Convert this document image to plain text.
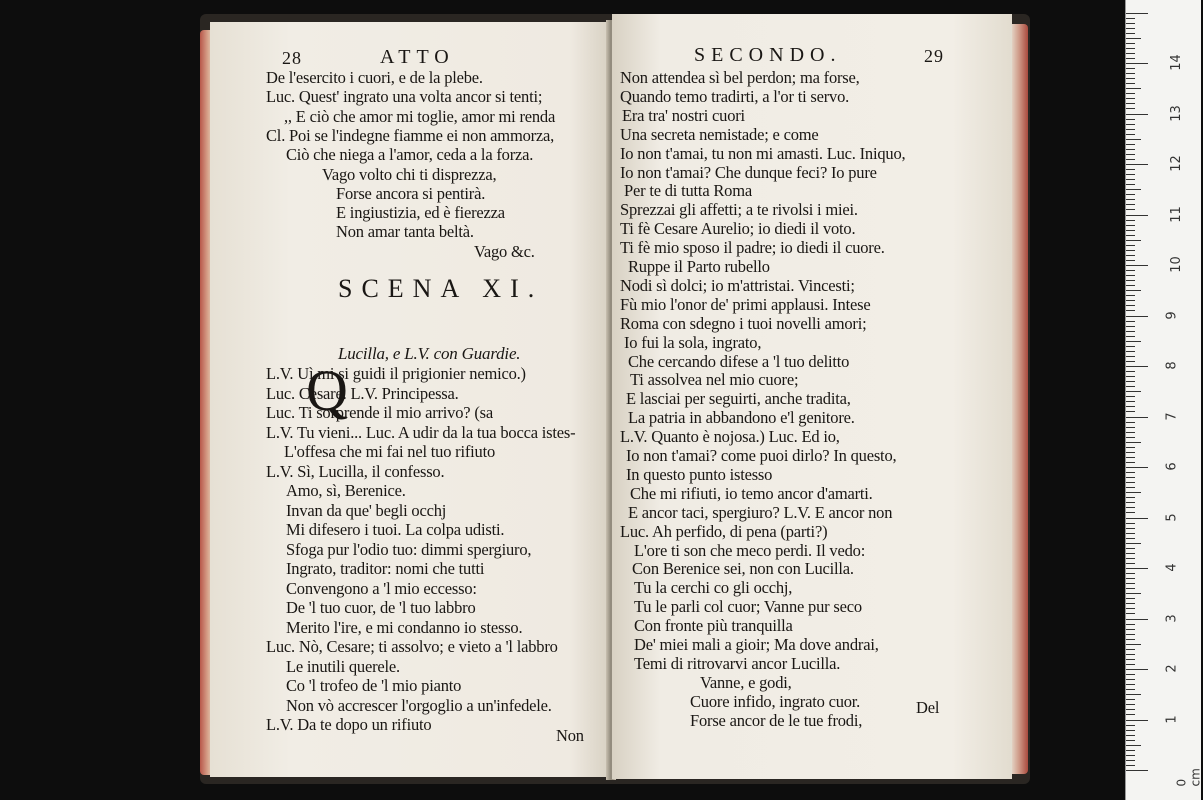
28	ATTO
De l'esercito i cuori, e de la plebe.
Luc. Quest' ingrato una volta ancor si tenti;
,, E ciò che amor mi toglie, amor mi renda
Cl. Poi se l'indegne fiamme ei non ammorza,
Ciò che niega a l'amor, ceda a la forza.
Vago volto chi ti disprezza,
Forse ancora si pentirà.
E ingiustizia, ed è fierezza
Non amar tanta beltà.
Vago &c.
SCENA XI.
Lucilla, e L.V. con Guardie.
Q
L.V. Uì mi si guidi il prigionier nemico.)
Luc. Cesare. L.V. Principessa.
Luc. Ti sorprende il mio arrivo? (sa
L.V. Tu vieni... Luc. A udir da la tua bocca istes-
L'offesa che mi fai nel tuo rifiuto
L.V. Sì, Lucilla, il confesso.
Amo, sì, Berenice.
Invan da que' begli occhj
Mi difesero i tuoi. La colpa udisti.
Sfoga pur l'odio tuo: dimmi spergiuro,
Ingrato, traditor: nomi che tutti
Convengono a 'l mio eccesso:
De 'l tuo cuor, de 'l tuo labbro
Merito l'ire, e mi condanno io stesso.
Luc. Nò, Cesare; ti assolvo; e vieto a 'l labbro
Le inutili querele.
Co 'l trofeo de 'l mio pianto
Non vò accrescer l'orgoglio a un'infedele.
L.V. Da te dopo un rifiuto
Non
SECONDO.	29
Non attendea sì bel perdon; ma forse,
Quando temo tradirti, a l'or ti servo.
Era tra' nostri cuori
Una secreta nemistade; e come
Io non t'amai, tu non mi amasti. Luc. Iniquo,
Io non t'amai? Che dunque feci? Io pure
Per te di tutta Roma
Sprezzai gli affetti; a te rivolsi i miei.
Ti fè Cesare Aurelio; io diedi il voto.
Ti fè mio sposo il padre; io diedi il cuore.
Ruppe il Parto rubello
Nodi sì dolci; io m'attristai. Vincesti;
Fù mio l'onor de' primi applausi. Intese
Roma con sdegno i tuoi novelli amori;
Io fui la sola, ingrato,
Che cercando difese a 'l tuo delitto
Ti assolvea nel mio cuore;
E lasciai per seguirti, anche tradita,
La patria in abbandono e'l genitore.
L.V. Quanto è nojosa.) Luc. Ed io,
Io non t'amai? come puoi dirlo? In questo,
In questo punto istesso
Che mi rifiuti, io temo ancor d'amarti.
E ancor taci, spergiuro? L.V. E ancor non
Luc. Ah perfido, di pena (parti?)
L'ore ti son che meco perdi. Il vedo:
Con Berenice sei, non con Lucilla.
Tu la cerchi co gli occhj,
Tu le parli col cuor; Vanne pur seco
Con fronte più tranquilla
De' miei mali a gioir; Ma dove andrai,
Temi di ritrovarvi ancor Lucilla.
Vanne, e godi,
Cuore infido, ingrato cuor.
Forse ancor de le tue frodi,
Del
1
2
3
4
5
6
7
8
9
10
11
12
13
14
0 cm
